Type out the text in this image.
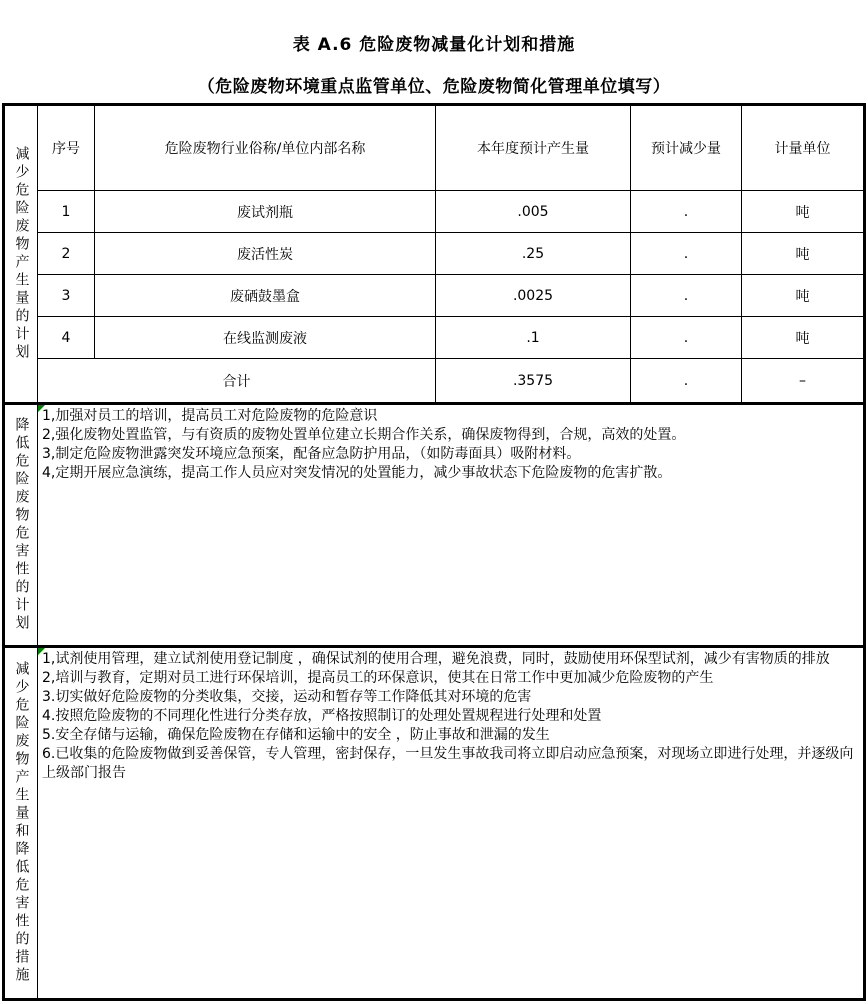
表 A.6 危险废物减量化计划和措施
（危险废物环境重点监管单位、危险废物简化管理单位填写）
减少危险废物产生量的计划	序号	危险废物行业俗称/单位内部名称	本年度预计产生量	预计减少量	计量单位
1	废试剂瓶	.005	.	吨
2	废活性炭	.25	.	吨
3	废硒鼓墨盒	.0025	.	吨
4	在线监测废液	.1	.	吨
合计	.3575	.	–
降低危险废物危害性的计划
1,加强对员工的培训，提高员工对危险废物的危险意识
2,强化废物处置监管，与有资质的废物处置单位建立长期合作关系，确保废物得到，合规，高效的处置。
3,制定危险废物泄露突发环境应急预案，配备应急防护用品，（如防毒面具）吸附材料。
4,定期开展应急演练，提高工作人员应对突发情况的处置能力，减少事故状态下危险废物的危害扩散。
减少危险废物产生量和降低危害性的措施
1,试剂使用管理，建立试剂使用登记制度 ，确保试剂的使用合理，避免浪费，同时，鼓励使用环保型试剂，减少有害物质的排放
2,培训与教育，定期对员工进行环保培训，提高员工的环保意识，使其在日常工作中更加减少危险废物的产生
3.切实做好危险废物的分类收集，交接，运动和暂存等工作降低其对环境的危害
4.按照危险废物的不同理化性进行分类存放，严格按照制订的处理处置规程进行处理和处置
5.安全存储与运输，确保危险废物在存储和运输中的安全 ，防止事故和泄漏的发生
6.已收集的危险废物做到妥善保管，专人管理，密封保存，一旦发生事故我司将立即启动应急预案，对现场立即进行处理，并逐级向上级部门报告
